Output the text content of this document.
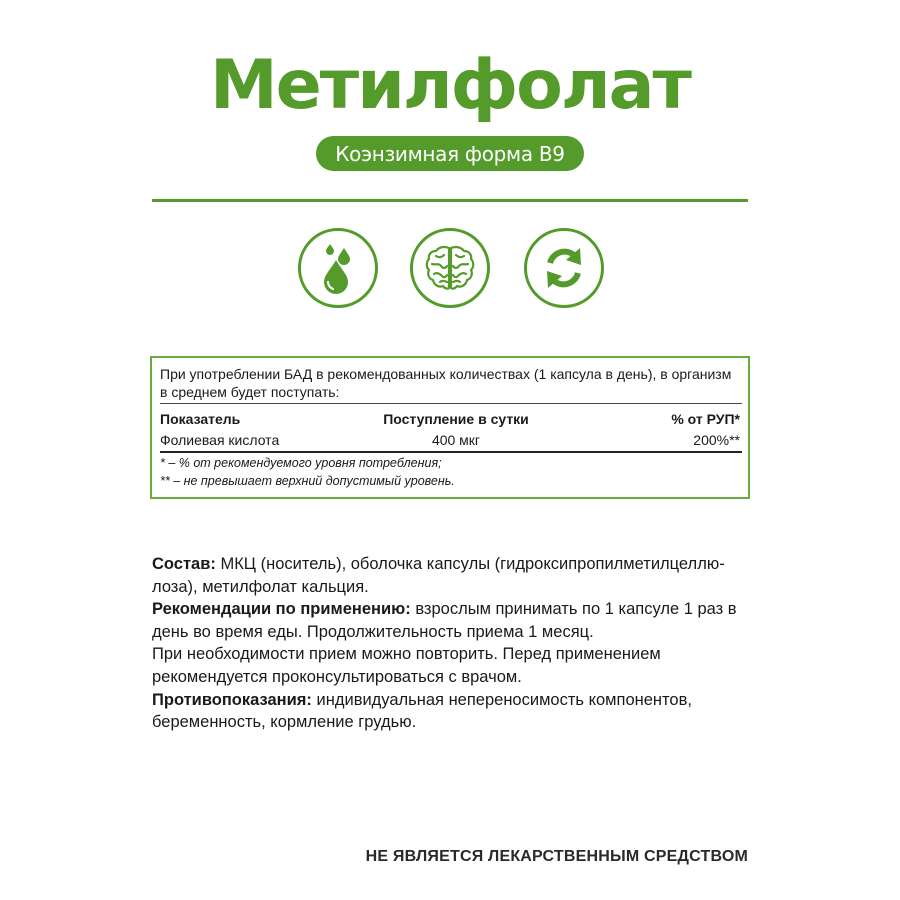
Метилфолат
Коэнзимная форма В9
При употреблении БАД в рекомендованных количествах (1 капсула в день), в организм в среднем будет поступать:
Показатель	Поступление в сутки	% от РУП*
Фолиевая кислота	400 мкг	200%**
* – % от рекомендуемого уровня потребления;
** – не превышает верхний допустимый уровень.
Состав: МКЦ (носитель), оболочка капсулы (гидроксипропилметилцеллю-лоза), метилфолат кальция.
Рекомендации по применению: взрослым принимать по 1 капсуле 1 раз в день во время еды. Продолжительность приема 1 месяц.
При необходимости прием можно повторить. Перед применением рекомендуется проконсультироваться с врачом.
Противопоказания: индивидуальная непереносимость компонентов, беременность, кормление грудью.
НЕ ЯВЛЯЕТСЯ ЛЕКАРСТВЕННЫМ СРЕДСТВОМ
